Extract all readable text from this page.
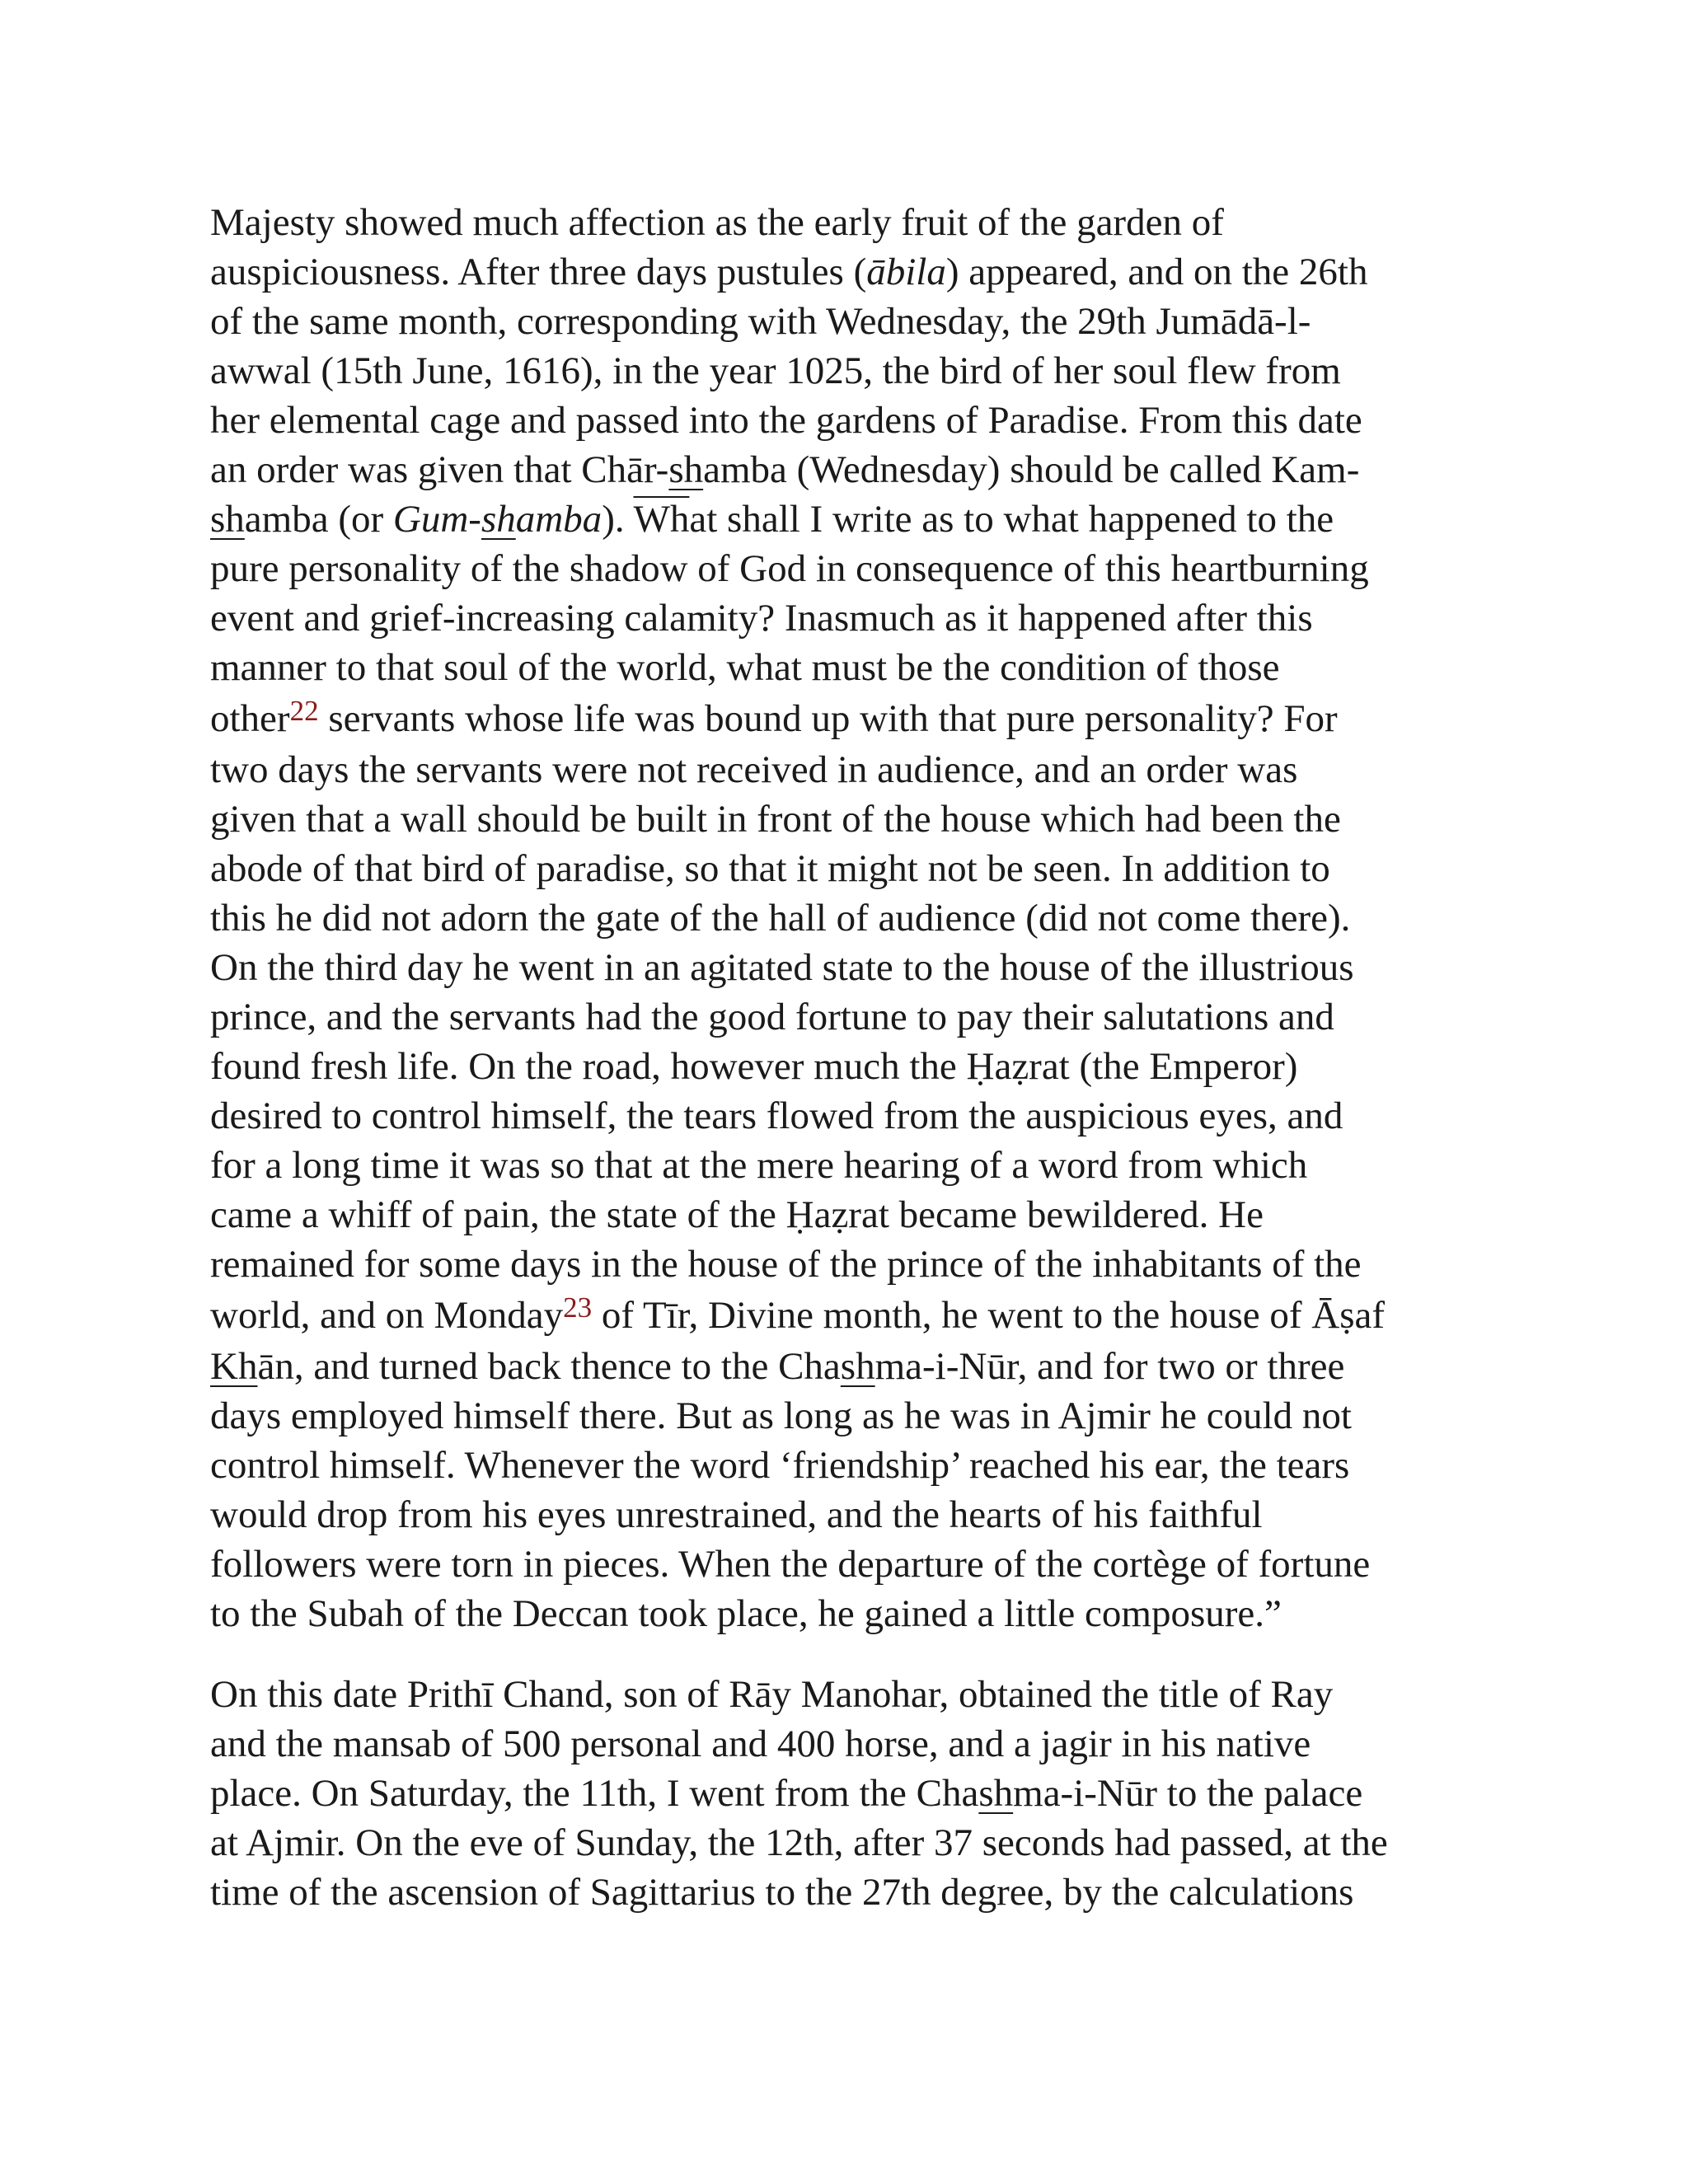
Majesty showed much affection as the early fruit of the garden of
auspiciousness. After three days pustules (ābila) appeared, and on the 26th
of the same month, corresponding with Wednesday, the 29th Jumādā-l-
awwal (15th June, 1616), in the year 1025, the bird of her soul flew from
her elemental cage and passed into the gardens of Paradise. From this date
an order was given that Chār-shamba (Wednesday) should be called Kam-
shamba (or Gum-shamba). $\overline{Wh}at$ shall I write as to what happened to the
pure personality of the shadow of God in consequence of this heartburning
event and grief-increasing calamity? Inasmuch as it happened after this
manner to that soul of the world, what must be the condition of those
other$^{22}$ servants whose life was bound up with that pure personality? For
two days the servants were not received in audience, and an order was
given that a wall should be built in front of the house which had been the
abode of that bird of paradise, so that it might not be seen. In addition to
this he did not adorn the gate of the hall of audience (did not come there).
On the third day he went in an agitated state to the house of the illustrious
prince, and the servants had the good fortune to pay their salutations and
found fresh life. On the road, however much the Ḥaẓrat (the Emperor)
desired to control himself, the tears flowed from the auspicious eyes, and
for a long time it was so that at the mere hearing of a word from which
came a whiff of pain, the state of the Ḥaẓrat became bewildered. He
remained for some days in the house of the prince of the inhabitants of the
world, and on Monday$^{23}$ of Tīr, Divine month, he went to the house of Āṣaf
Khān, and turned back thence to the Chashma-i-Nūr, and for two or three
days employed himself there. But as long as he was in Ajmir he could not
control himself. Whenever the word ‘friendship’ reached his ear, the tears
would drop from his eyes unrestrained, and the hearts of his faithful
followers were torn in pieces. When the departure of the cortège of fortune
to the Subah of the Deccan took place, he gained a little composure.”

On this date Prithī Chand, son of Rāy Manohar, obtained the title of Ray
and the mansab of 500 personal and 400 horse, and a jagir in his native
place. On Saturday, the 11th, I went from the Chashma-i-Nūr to the palace
at Ajmir. On the eve of Sunday, the 12th, after 37 seconds had passed, at the
time of the ascension of Sagittarius to the 27th degree, by the calculations
